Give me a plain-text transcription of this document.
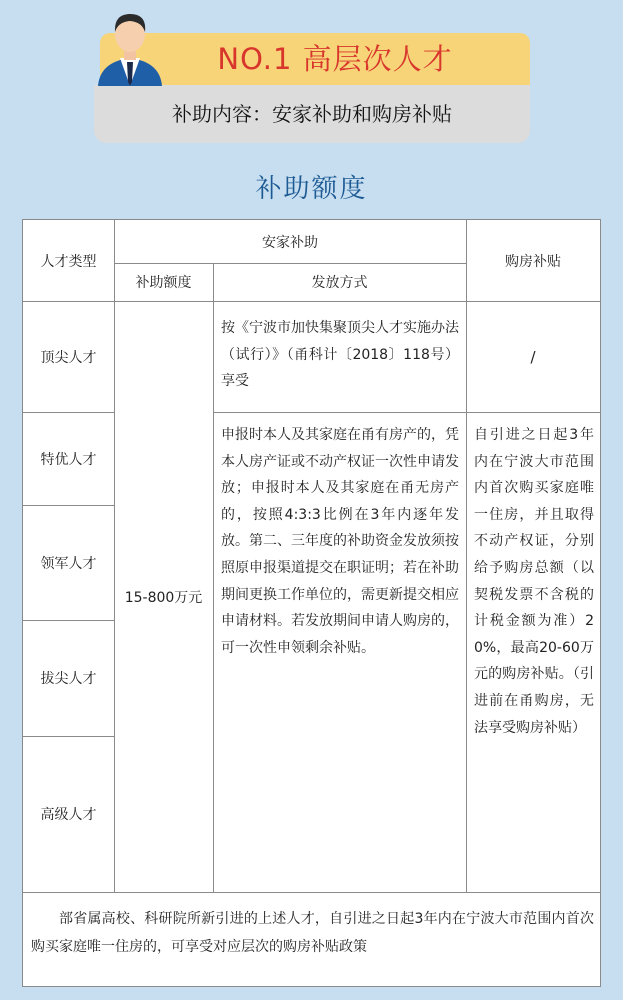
NO.1 高层次人才
补助内容：安家补助和购房补贴
补助额度
人才类型
安家补助
补助额度	发放方式
购房补贴
顶尖人才
特优人才
领军人才
拔尖人才
高级人才
15-800万元
按《宁波市加快集聚顶尖人才实施办法（试行）》（甬科计〔2018〕118号）享受
/
申报时本人及其家庭在甬有房产的，凭本人房产证或不动产权证一次性申请发放；申报时本人及其家庭在甬无房产的，按照4:3:3比例在3年内逐年发放。第二、三年度的补助资金发放须按照原申报渠道提交在职证明；若在补助期间更换工作单位的，需更新提交相应申请材料。若发放期间申请人购房的，可一次性申领剩余补贴。
自引进之日起3年内在宁波大市范围内首次购买家庭唯一住房，并且取得不动产权证，分别给予购房总额（以契税发票不含税的计税金额为准）20%，最高20-60万元的购房补贴。（引进前在甬购房，无法享受购房补贴）
部省属高校、科研院所新引进的上述人才，自引进之日起3年内在宁波大市范围内首次购买家庭唯一住房的，可享受对应层次的购房补贴政策
